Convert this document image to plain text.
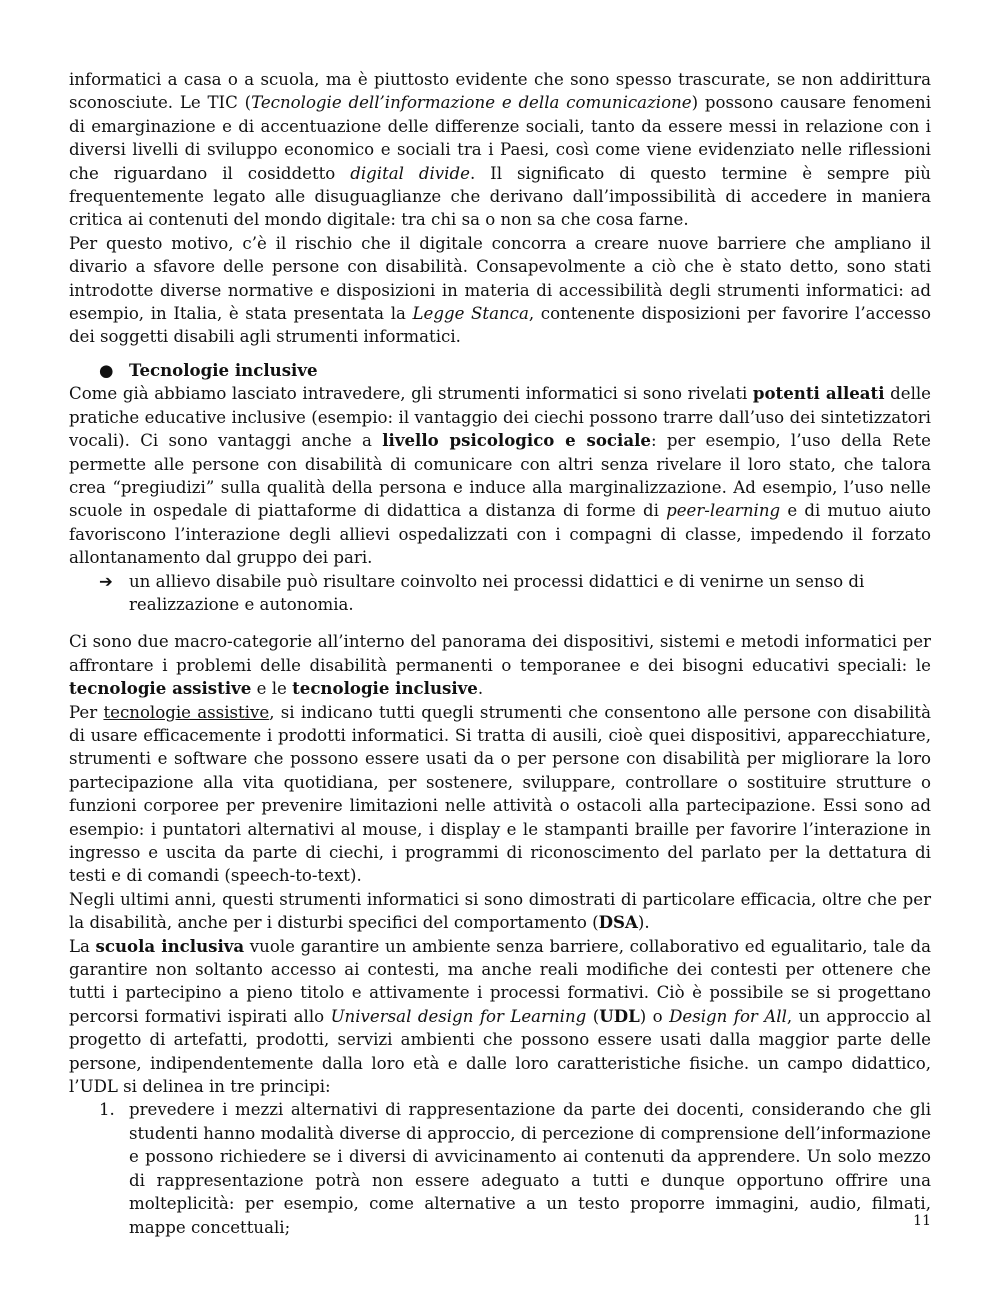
informatici a casa o a scuola, ma è piuttosto evidente che sono spesso trascurate, se non addirittura sconosciute. Le TIC (Tecnologie dell’informazione e della comunicazione) possono causare fenomeni di emarginazione e di accentuazione delle differenze sociali, tanto da essere messi in relazione con i diversi livelli di sviluppo economico e sociali tra i Paesi, così come viene evidenziato nelle riflessioni che riguardano il cosiddetto digital divide. Il significato di questo termine è sempre più frequentemente legato alle disuguaglianze che derivano dall’impossibilità di accedere in maniera critica ai contenuti del mondo digitale: tra chi sa o non sa che cosa farne.

Per questo motivo, c’è il rischio che il digitale concorra a creare nuove barriere che ampliano il divario a sfavore delle persone con disabilità. Consapevolmente a ciò che è stato detto, sono stati introdotte diverse normative e disposizioni in materia di accessibilità degli strumenti informatici: ad esempio, in Italia, è stata presentata la Legge Stanca, contenente disposizioni per favorire l’accesso dei soggetti disabili agli strumenti informatici.

● Tecnologie inclusive

Come già abbiamo lasciato intravedere, gli strumenti informatici si sono rivelati potenti alleati delle pratiche educative inclusive (esempio: il vantaggio dei ciechi possono trarre dall’uso dei sintetizzatori vocali). Ci sono vantaggi anche a livello psicologico e sociale: per esempio, l’uso della Rete permette alle persone con disabilità di comunicare con altri senza rivelare il loro stato, che talora crea “pregiudizi” sulla qualità della persona e induce alla marginalizzazione. Ad esempio, l’uso nelle scuole in ospedale di piattaforme di didattica a distanza di forme di peer-learning e di mutuo aiuto favoriscono l’interazione degli allievi ospedalizzati con i compagni di classe, impedendo il forzato allontanamento dal gruppo dei pari.

➔ un allievo disabile può risultare coinvolto nei processi didattici e di venirne un senso di realizzazione e autonomia.

Ci sono due macro-categorie all’interno del panorama dei dispositivi, sistemi e metodi informatici per affrontare i problemi delle disabilità permanenti o temporanee e dei bisogni educativi speciali: le tecnologie assistive e le tecnologie inclusive.

Per tecnologie assistive, si indicano tutti quegli strumenti che consentono alle persone con disabilità di usare efficacemente i prodotti informatici. Si tratta di ausili, cioè quei dispositivi, apparecchiature, strumenti e software che possono essere usati da o per persone con disabilità per migliorare la loro partecipazione alla vita quotidiana, per sostenere, sviluppare, controllare o sostituire strutture o funzioni corporee per prevenire limitazioni nelle attività o ostacoli alla partecipazione. Essi sono ad esempio: i puntatori alternativi al mouse, i display e le stampanti braille per favorire l’interazione in ingresso e uscita da parte di ciechi, i programmi di riconoscimento del parlato per la dettatura di testi e di comandi (speech-to-text).

Negli ultimi anni, questi strumenti informatici si sono dimostrati di particolare efficacia, oltre che per la disabilità, anche per i disturbi specifici del comportamento (DSA).

La scuola inclusiva vuole garantire un ambiente senza barriere, collaborativo ed egualitario, tale da garantire non soltanto accesso ai contesti, ma anche reali modifiche dei contesti per ottenere che tutti i partecipino a pieno titolo e attivamente i processi formativi. Ciò è possibile se si progettano percorsi formativi ispirati allo Universal design for Learning (UDL) o Design for All, un approccio al progetto di artefatti, prodotti, servizi ambienti che possono essere usati dalla maggior parte delle persone, indipendentemente dalla loro età e dalle loro caratteristiche fisiche. un campo didattico, l’UDL si delinea in tre principi:

1. prevedere i mezzi alternativi di rappresentazione da parte dei docenti, considerando che gli studenti hanno modalità diverse di approccio, di percezione di comprensione dell’informazione e possono richiedere se i diversi di avvicinamento ai contenuti da apprendere. Un solo mezzo di rappresentazione potrà non essere adeguato a tutti e dunque opportuno offrire una molteplicità: per esempio, come alternative a un testo proporre immagini, audio, filmati, mappe concettuali;	11
